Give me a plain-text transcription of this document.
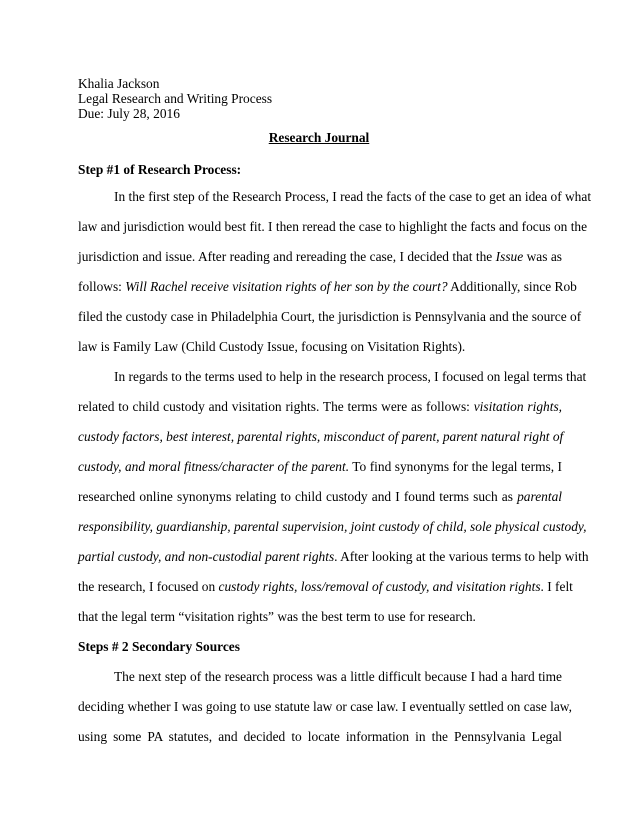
Khalia Jackson
Legal Research and Writing Process
Due: July 28, 2016
Research Journal
Step #1 of Research Process:
In the first step of the Research Process, I read the facts of the case to get an idea of what
law and jurisdiction would best fit. I then reread the case to highlight the facts and focus on the
jurisdiction and issue. After reading and rereading the case, I decided that the Issue was as
follows: Will Rachel receive visitation rights of her son by the court? Additionally, since Rob
filed the custody case in Philadelphia Court, the jurisdiction is Pennsylvania and the source of
law is Family Law (Child Custody Issue, focusing on Visitation Rights).
In regards to the terms used to help in the research process, I focused on legal terms that
related to child custody and visitation rights. The terms were as follows: visitation rights,
custody factors, best interest, parental rights, misconduct of parent, parent natural right of
custody, and moral fitness/character of the parent. To find synonyms for the legal terms, I
researched online synonyms relating to child custody and I found terms such as parental
responsibility, guardianship, parental supervision, joint custody of child, sole physical custody,
partial custody, and non-custodial parent rights. After looking at the various terms to help with
the research, I focused on custody rights, loss/removal of custody, and visitation rights. I felt
that the legal term “visitation rights” was the best term to use for research.
Steps # 2 Secondary Sources
The next step of the research process was a little difficult because I had a hard time
deciding whether I was going to use statute law or case law. I eventually settled on case law,
using some PA statutes, and decided to locate information in the Pennsylvania Legal
